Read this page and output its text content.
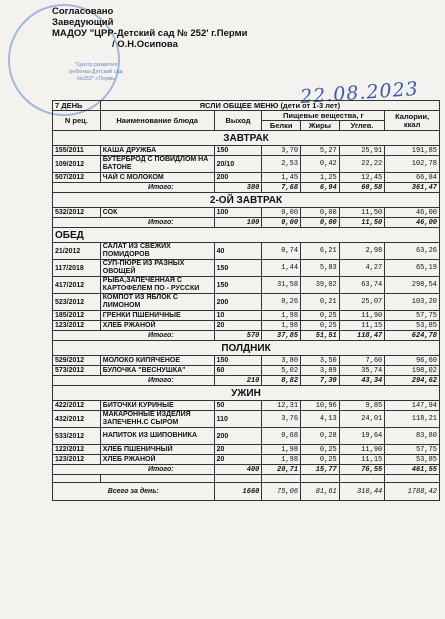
"Центр развития ребенка-Детский сад №252" г.Пермь
Согласовано
Заведующий
МАДОУ "ЦРР-Детский сад № 252' г.Перми
/ О.Н.Осипова
22.08.2023
7 ДЕНЬ	ЯСЛИ ОБЩЕЕ МЕНЮ (дети от 1-3 лет)					
N рец.	Наименование блюда	Выход	Пищевые вещества, г			Калории, ккал
			Белки	Жиры	Углев.	
ЗАВТРАК						
155/2011	КАША ДРУЖБА	150	3,70	5,27	25,91	191,85
109/2012	БУТЕРБРОД С ПОВИДЛОМ НА БАТОНЕ	20/10	2,53	0,42	22,22	102,78
507/2012	ЧАЙ С МОЛОКОМ	200	1,45	1,25	12,45	66,84
Итого:		380	7,68	6,94	60,58	361,47
2-ОЙ ЗАВТРАК						
532/2012	СОК	100	0,00	0,00	11,50	46,00
Итого:		100	0,00	0,00	11,50	46,00
ОБЕД						
21/2012	САЛАТ ИЗ СВЕЖИХ ПОМИДОРОВ	40	0,74	6,21	2,98	63,26
117/2018	СУП-ПЮРЕ ИЗ РАЗНЫХ ОВОЩЕЙ	150	1,44	5,83	4,27	65,19
417/2012	РЫБА,ЗАПЕЧЕННАЯ С КАРТОФЕЛЕМ ПО - РУССКИ	150	31,58	39,02	63,74	298,54
523/2012	КОМПОТ ИЗ ЯБЛОК С ЛИМОНОМ	200	0,26	0,21	25,07	103,20
185/2012	ГРЕНКИ ПШЕНИЧНЫЕ	10	1,98	0,25	11,90	57,75
123/2012	ХЛЕБ РЖАНОЙ	20	1,98	0,25	11,15	53,85
Итого:		570	37,85	51,51	118,47	624,78
ПОЛДНИК						
529/2012	МОЛОКО КИПЯЧЕНОЕ	150	3,80	3,50	7,60	96,60
573/2012	БУЛОЧКА "ВЕСНУШКА"	60	5,02	3,89	35,74	198,02
Итого:		210	8,82	7,39	43,34	294,62
УЖИН						
422/2012	БИТОЧКИ КУРИНЫЕ	50	12,31	10,96	9,85	147,94
432/2012	МАКАРОННЫЕ ИЗДЕЛИЯ ЗАПЕЧЕНН.С СЫРОМ	110	3,76	4,13	24,01	118,21
533/2012	НАПИТОК ИЗ ШИПОВНИКА	200	0,68	0,28	19,64	83,80
122/2012	ХЛЕБ ПШЕНИЧНЫЙ	20	1,98	0,25	11,90	57,75
123/2012	ХЛЕБ РЖАНОЙ	20	1,98	0,25	11,15	53,85
Итого:		400	20,71	15,77	76,55	461,55

Всего за день:		1660	75,06	81,61	310,44	1788,42
